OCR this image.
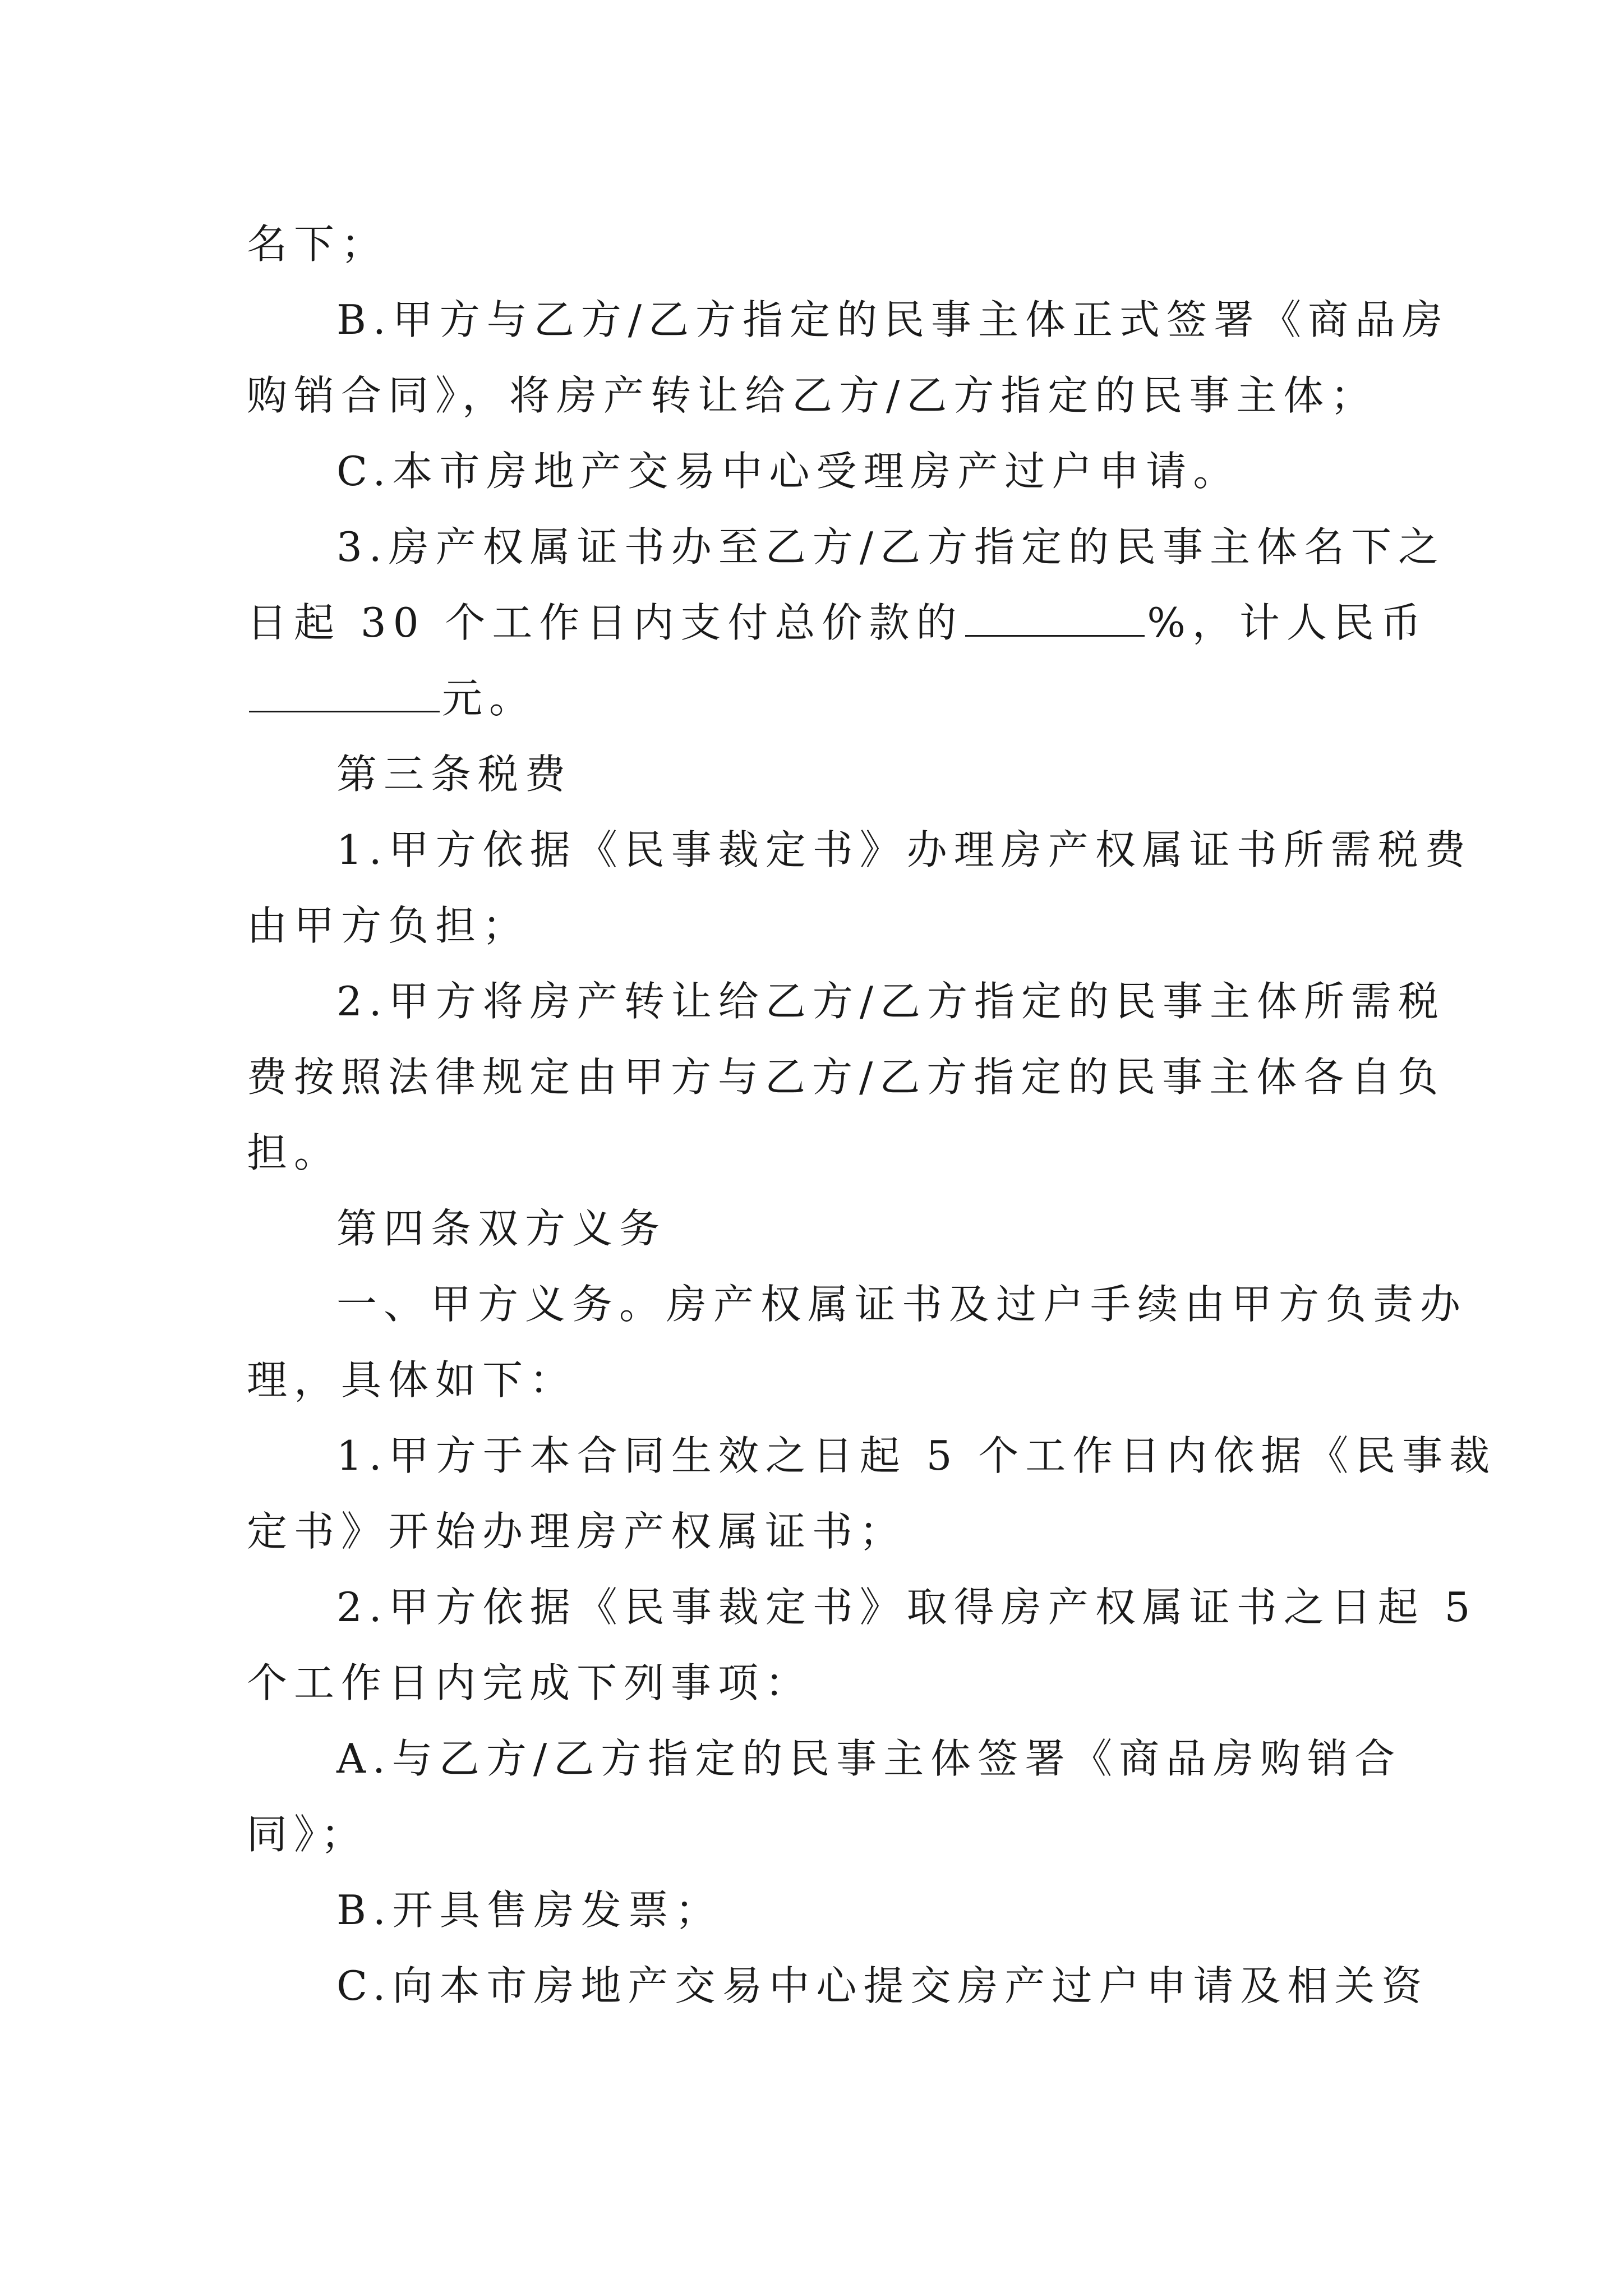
名下；
B.甲方与乙方/乙方指定的民事主体正式签署《商品房
购销合同》，将房产转让给乙方/乙方指定的民事主体；
C.本市房地产交易中心受理房产过户申请。
3.房产权属证书办至乙方/乙方指定的民事主体名下之
日起 30 个工作日内支付总价款的	%，计人民币
元。
第三条税费
1.甲方依据《民事裁定书》办理房产权属证书所需税费
由甲方负担；
2.甲方将房产转让给乙方/乙方指定的民事主体所需税
费按照法律规定由甲方与乙方/乙方指定的民事主体各自负
担。
第四条双方义务
一、甲方义务。房产权属证书及过户手续由甲方负责办
理，具体如下：
1.甲方于本合同生效之日起 5 个工作日内依据《民事裁
定书》开始办理房产权属证书；
2.甲方依据《民事裁定书》取得房产权属证书之日起 5
个工作日内完成下列事项：
A.与乙方/乙方指定的民事主体签署《商品房购销合
同》；
B.开具售房发票；
C.向本市房地产交易中心提交房产过户申请及相关资
